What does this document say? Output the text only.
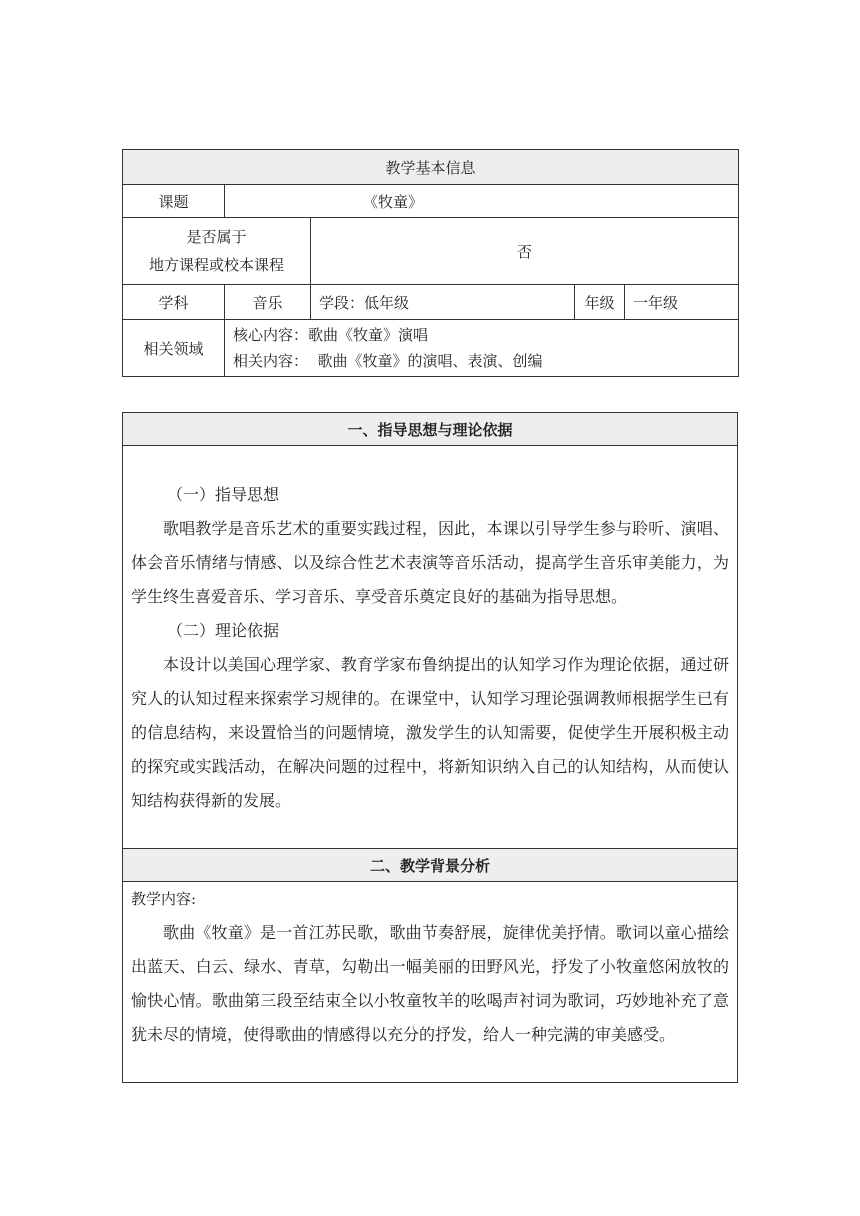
教学基本信息				
课题	《牧童》			

是否属于
地方课程或校本课程		否		
学科	音乐	学段：低年级	年级	一年级
相关领域	核心内容：歌曲《牧童》演唱
相关内容：  歌曲《牧童》的演唱、表演、创编			
一、指导思想与理论依据

（一）指导思想

歌唱教学是音乐艺术的重要实践过程，因此，本课以引导学生参与聆听、演唱、体会音乐情绪与情感、以及综合性艺术表演等音乐活动，提高学生音乐审美能力，为学生终生喜爱音乐、学习音乐、享受音乐奠定良好的基础为指导思想。

（二）理论依据

本设计以美国心理学家、教育学家布鲁纳提出的认知学习作为理论依据，通过研究人的认知过程来探索学习规律的。在课堂中，认知学习理论强调教师根据学生已有的信息结构，来设置恰当的问题情境，激发学生的认知需要，促使学生开展积极主动的探究或实践活动，在解决问题的过程中，将新知识纳入自己的认知结构，从而使认知结构获得新的发展。

二、教学背景分析

教学内容:

歌曲《牧童》是一首江苏民歌，歌曲节奏舒展，旋律优美抒情。歌词以童心描绘出蓝天、白云、绿水、青草，勾勒出一幅美丽的田野风光，抒发了小牧童悠闲放牧的愉快心情。歌曲第三段至结束全以小牧童牧羊的吆喝声衬词为歌词，巧妙地补充了意犹未尽的情境，使得歌曲的情感得以充分的抒发，给人一种完满的审美感受。
